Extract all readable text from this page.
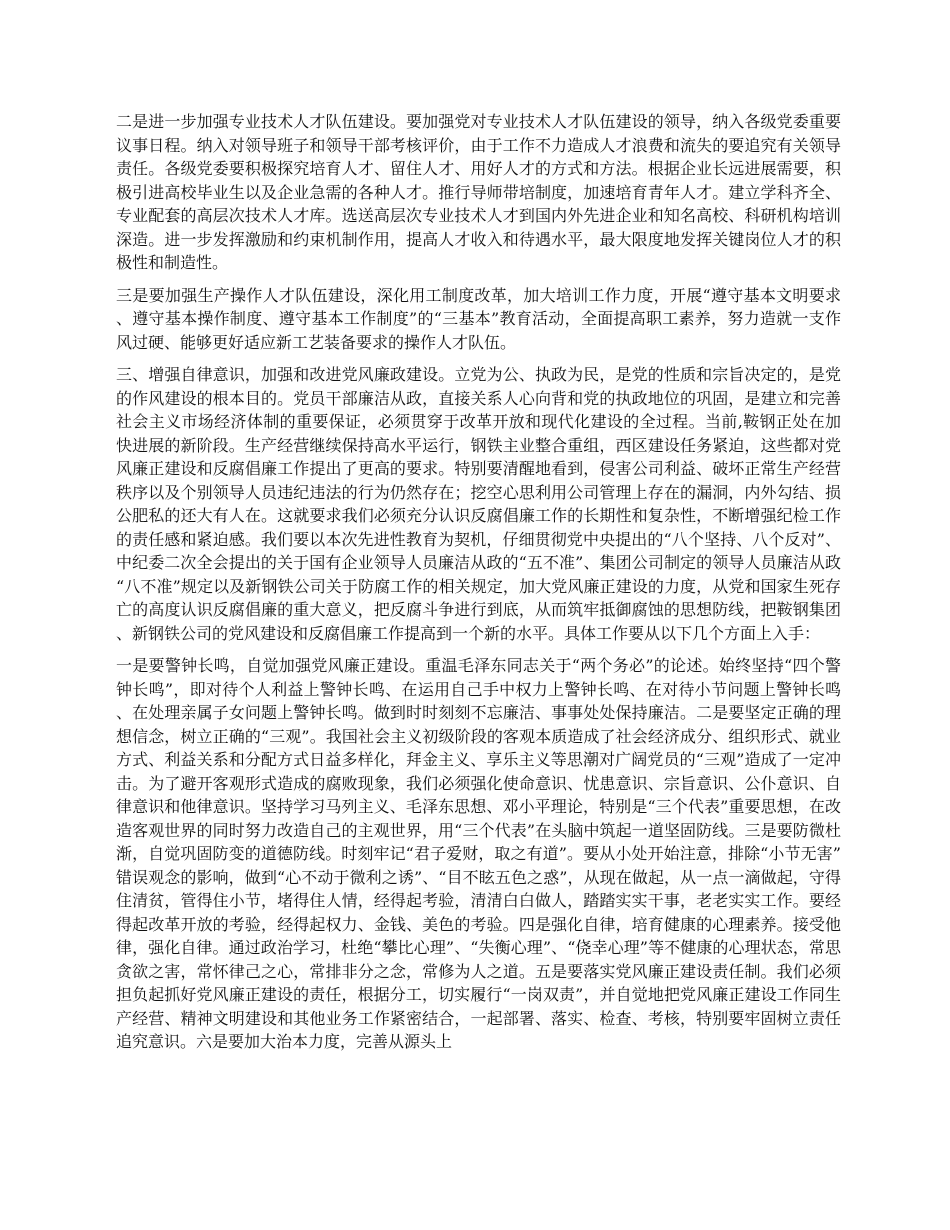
二是进一步加强专业技术人才队伍建设。要加强党对专业技术人才队伍建设的领导，纳入各级党委重要议事日程。纳入对领导班子和领导干部考核评价，由于工作不力造成人才浪费和流失的要追究有关领导责任。各级党委要积极探究培育人才、留住人才、用好人才的方式和方法。根据企业长远进展需要，积极引进高校毕业生以及企业急需的各种人才。推行导师带培制度，加速培育青年人才。建立学科齐全、专业配套的高层次技术人才库。选送高层次专业技术人才到国内外先进企业和知名高校、科研机构培训深造。进一步发挥激励和约束机制作用，提高人才收入和待遇水平，最大限度地发挥关键岗位人才的积极性和制造性。

三是要加强生产操作人才队伍建设，深化用工制度改革，加大培训工作力度，开展“遵守基本文明要求、遵守基本操作制度、遵守基本工作制度”的“三基本”教育活动，全面提高职工素养，努力造就一支作风过硬、能够更好适应新工艺装备要求的操作人才队伍。

三、增强自律意识，加强和改进党风廉政建设。立党为公、执政为民，是党的性质和宗旨决定的，是党的作风建设的根本目的。党员干部廉洁从政，直接关系人心向背和党的执政地位的巩固，是建立和完善社会主义市场经济体制的重要保证，必须贯穿于改革开放和现代化建设的全过程。当前,鞍钢正处在加快进展的新阶段。生产经营继续保持高水平运行，钢铁主业整合重组，西区建设任务紧迫，这些都对党风廉正建设和反腐倡廉工作提出了更高的要求。特别要清醒地看到，侵害公司利益、破坏正常生产经营秩序以及个别领导人员违纪违法的行为仍然存在；挖空心思利用公司管理上存在的漏洞，内外勾结、损公肥私的还大有人在。这就要求我们必须充分认识反腐倡廉工作的长期性和复杂性，不断增强纪检工作的责任感和紧迫感。我们要以本次先进性教育为契机，仔细贯彻党中央提出的“八个坚持、八个反对”、中纪委二次全会提出的关于国有企业领导人员廉洁从政的“五不准”、集团公司制定的领导人员廉洁从政“八不准”规定以及新钢铁公司关于防腐工作的相关规定，加大党风廉正建设的力度，从党和国家生死存亡的高度认识反腐倡廉的重大意义，把反腐斗争进行到底，从而筑牢抵御腐蚀的思想防线，把鞍钢集团、新钢铁公司的党风建设和反腐倡廉工作提高到一个新的水平。具体工作要从以下几个方面上入手：

一是要警钟长鸣，自觉加强党风廉正建设。重温毛泽东同志关于“两个务必”的论述。始终坚持“四个警钟长鸣”，即对待个人利益上警钟长鸣、在运用自己手中权力上警钟长鸣、在对待小节问题上警钟长鸣、在处理亲属子女问题上警钟长鸣。做到时时刻刻不忘廉洁、事事处处保持廉洁。二是要坚定正确的理想信念，树立正确的“三观”。我国社会主义初级阶段的客观本质造成了社会经济成分、组织形式、就业方式、利益关系和分配方式日益多样化，拜金主义、享乐主义等思潮对广阔党员的“三观”造成了一定冲击。为了避开客观形式造成的腐败现象，我们必须强化使命意识、忧患意识、宗旨意识、公仆意识、自律意识和他律意识。坚持学习马列主义、毛泽东思想、邓小平理论，特别是“三个代表”重要思想，在改造客观世界的同时努力改造自己的主观世界，用“三个代表”在头脑中筑起一道坚固防线。三是要防微杜渐，自觉巩固防变的道德防线。时刻牢记“君子爱财，取之有道”。要从小处开始注意，排除“小节无害”错误观念的影响，做到“心不动于微利之诱”、“目不眩五色之惑”，从现在做起，从一点一滴做起，守得住清贫，管得住小节，堵得住人情，经得起考验，清清白白做人，踏踏实实干事，老老实实工作。要经得起改革开放的考验，经得起权力、金钱、美色的考验。四是强化自律，培育健康的心理素养。接受他律，强化自律。通过政治学习，杜绝“攀比心理”、“失衡心理”、“侥幸心理”等不健康的心理状态，常思贪欲之害，常怀律己之心，常排非分之念，常修为人之道。五是要落实党风廉正建设责任制。我们必须担负起抓好党风廉正建设的责任，根据分工，切实履行“一岗双责”，并自觉地把党风廉正建设工作同生产经营、精神文明建设和其他业务工作紧密结合，一起部署、落实、检查、考核，特别要牢固树立责任追究意识。六是要加大治本力度，完善从源头上
